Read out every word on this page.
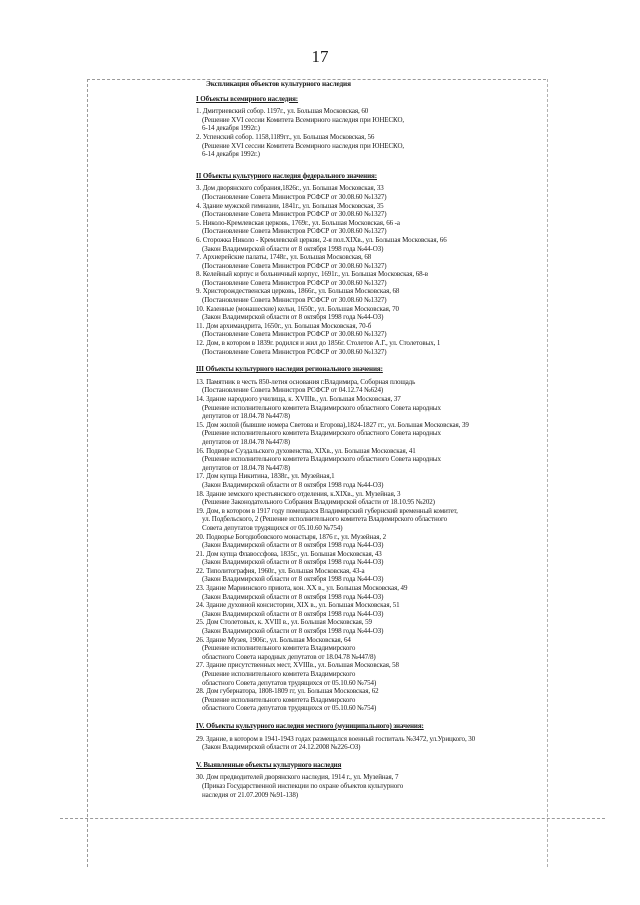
17
Экспликация объектов культурного наследия
I Объекты всемирного наследия:
1. Дмитриевский собор. 1197г., ул. Большая Московская, 60
(Решение XVI сессии Комитета Всемирного наследия при ЮНЕСКО,
6-14 декабря 1992г.)
2. Успенский собор. 1158,1189гг., ул. Большая Московская, 56
(Решение XVI сессии Комитета Всемирного наследия при ЮНЕСКО,
6-14 декабря 1992г.)
II Объекты культурного наследия федерального значения:
3. Дом дворянского собрания,1826г., ул. Большая Московская, 33
(Постановление Совета Министров РСФСР от 30.08.60 №1327)
4. Здание мужской гимназии, 1841г., ул. Большая Московская, 35
(Постановление Совета Министров РСФСР от 30.08.60 №1327)
5. Николо-Кремлевская церковь, 1769г., ул. Большая Московская, 66 -а
(Постановление Совета Министров РСФСР от 30.08.60 №1327)
6. Сторожка Николо - Кремлевской церкви, 2-я пол.XIXв., ул. Большая Московская, 66
(Закон Владимирской области от 8 октября 1998 года №44-ОЗ)
7. Архиерейские палаты, 1748г., ул. Большая Московская, 68
(Постановление Совета Министров РСФСР от 30.08.60 №1327)
8. Келейный корпус и больничный корпус, 1691г., ул. Большая Московская, 68-в
(Постановление Совета Министров РСФСР от 30.08.60 №1327)
9. Христорождественская церковь, 1866г., ул. Большая Московская, 68
(Постановление Совета Министров РСФСР от 30.08.60 №1327)
10. Казенные (монашеские) кельи, 1650г., ул. Большая Московская, 70
(Закон Владимирской области от 8 октября 1998 года №44-ОЗ)
11. Дом архимандрита, 1650г., ул. Большая Московская, 70-б
(Постановление Совета Министров РСФСР от 30.08.60 №1327)
12. Дом, в котором в 1839г. родился и жил до 1856г. Столетов А.Г., ул. Столетовых, 1
(Постановление Совета Министров РСФСР от 30.08.60 №1327)
III Объекты культурного наследия регионального значения:
13. Памятник в честь 850-летия основания г.Владимира, Соборная площадь
(Постановление Совета Министров РСФСР от 04.12.74 №624)
14. Здание народного училища, к. XVIIIв., ул. Большая Московская, 37
(Решение исполнительного комитета Владимирского областного Совета народных
депутатов от 18.04.78 №447/8)
15. Дом жилой (бывшие номера Светова и Егорова),1824-1827 гг., ул. Большая Московская, 39
(Решение исполнительного комитета Владимирского областного Совета народных
депутатов от 18.04.78 №447/8)
16. Подворье Суздальского духовенства, XIXв., ул. Большая Московская, 41
(Решение исполнительного комитета Владимирского областного Совета народных
депутатов от 18.04.78 №447/8)
17. Дом купца Никитина, 1838г., ул. Музейная,1
(Закон Владимирской области от 8 октября 1998 года №44-ОЗ)
18. Здание земского крестьянского отделения, к.XIXв., ул. Музейная, 3
(Решение Законодательного Собрания Владимирской области от 18.10.95 №202)
19. Дом, в котором в 1917 году помещался Владимирский губернский временный комитет,
ул. Подбельского, 2 (Решение исполнительного комитета Владимирского областного
Совета депутатов трудящихся от 05.10.60 №754)
20. Подворье Богодюбовского монастыря, 1876 г., ул. Музейная, 2
(Закон Владимирской области от 8 октября 1998 года №44-ОЗ)
21. Дом купца Флавоссфова, 1835г., ул. Большая Московская, 43
(Закон Владимирской области от 8 октября 1998 года №44-ОЗ)
22. Типолитография, 1960г., ул. Большая Московская, 43-а
(Закон Владимирской области от 8 октября 1998 года №44-ОЗ)
23. Здание Мариинского приюта, кон. XX в., ул. Большая Московская, 49
(Закон Владимирской области от 8 октября 1998 года №44-ОЗ)
24. Здание духовной консистории, XIX в., ул. Большая Московская, 51
(Закон Владимирской области от 8 октября 1998 года №44-ОЗ)
25. Дом Столетовых, к. XVIII в., ул. Большая Московская, 59
(Закон Владимирской области от 8 октября 1998 года №44-ОЗ)
26. Здание Музея, 1906г., ул. Большая Московская, 64
(Решение исполнительного комитета Владимирского
областного Совета народных депутатов от 18.04.78 №447/8)
27. Здание присутственных мест, XVIIIв., ул. Большая Московская, 58
(Решение исполнительного комитета Владимирского
областного Совета депутатов трудящихся от 05.10.60 №754)
28. Дом губернатора, 1808-1809 гг, ул. Большая Московская, 62
(Решение исполнительного комитета Владимирского
областного Совета депутатов трудящихся от 05.10.60 №754)
IV. Объекты культурного наследия местного (муниципального) значения:
29. Здание, в котором в 1941-1943 годах размещался военный госпиталь №3472, ул.Урицкого, 30
(Закон Владимирской области от 24.12.2008 №226-ОЗ)
V. Выявленные объекты культурного наследия
30. Дом предводителей дворянского наследия, 1914 г., ул. Музейная, 7
(Приказ Государственной инспекции по охране объектов культурного
наследия от 21.07.2009 №91-138)
